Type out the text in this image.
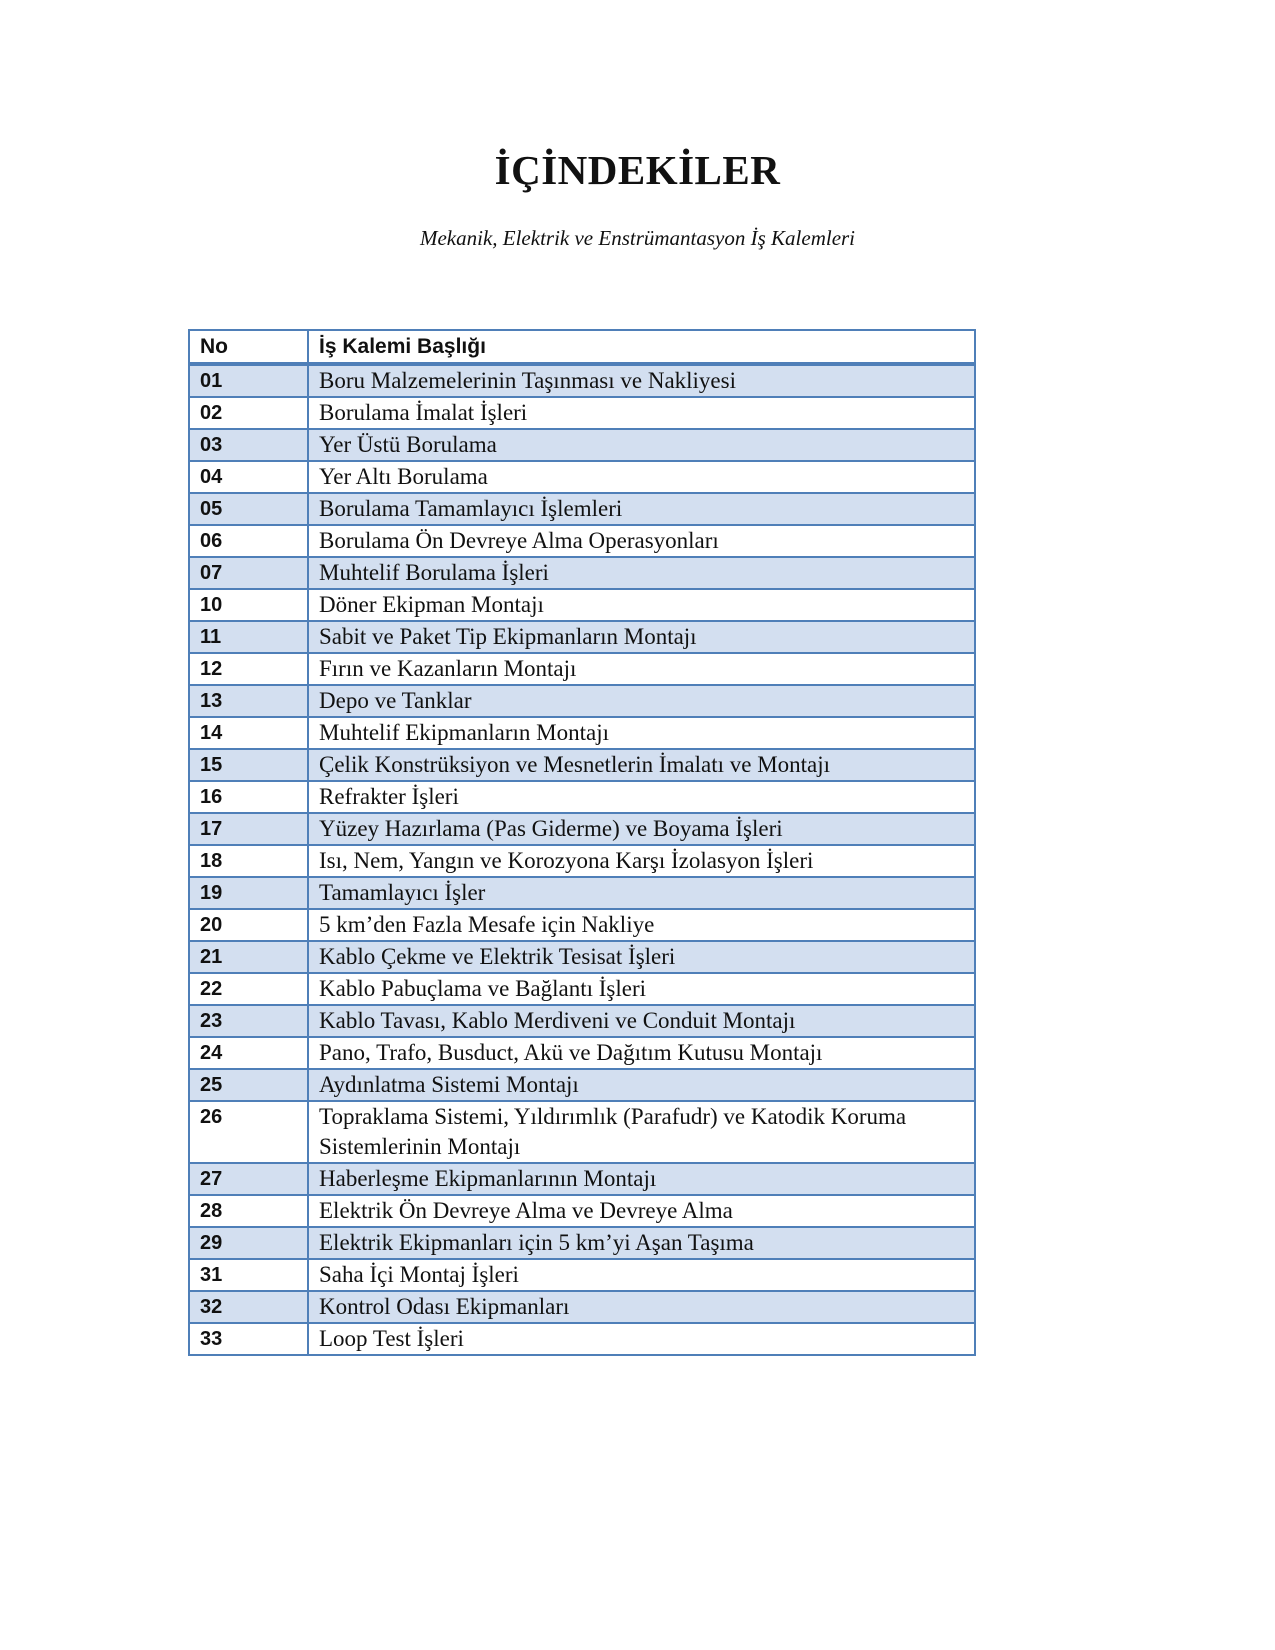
İÇİNDEKİLER

Mekanik, Elektrik ve Enstrümantasyon İş Kalemleri

No	İş Kalemi Başlığı
01	Boru Malzemelerinin Taşınması ve Nakliyesi
02	Borulama İmalat İşleri
03	Yer Üstü Borulama
04	Yer Altı Borulama
05	Borulama Tamamlayıcı İşlemleri
06	Borulama Ön Devreye Alma Operasyonları
07	Muhtelif Borulama İşleri
10	Döner Ekipman Montajı
11	Sabit ve Paket Tip Ekipmanların Montajı
12	Fırın ve Kazanların Montajı
13	Depo ve Tanklar
14	Muhtelif Ekipmanların Montajı
15	Çelik Konstrüksiyon ve Mesnetlerin İmalatı ve Montajı
16	Refrakter İşleri
17	Yüzey Hazırlama (Pas Giderme) ve Boyama İşleri
18	Isı, Nem, Yangın ve Korozyona Karşı İzolasyon İşleri
19	Tamamlayıcı İşler
20	5 km’den Fazla Mesafe için Nakliye
21	Kablo Çekme ve Elektrik Tesisat İşleri
22	Kablo Pabuçlama ve Bağlantı İşleri
23	Kablo Tavası, Kablo Merdiveni ve Conduit Montajı
24	Pano, Trafo, Busduct, Akü ve Dağıtım Kutusu Montajı
25	Aydınlatma Sistemi Montajı
26	Topraklama Sistemi, Yıldırımlık (Parafudr) ve Katodik Koruma Sistemlerinin Montajı
27	Haberleşme Ekipmanlarının Montajı
28	Elektrik Ön Devreye Alma ve Devreye Alma
29	Elektrik Ekipmanları için 5 km’yi Aşan Taşıma
31	Saha İçi Montaj İşleri
32	Kontrol Odası Ekipmanları
33	Loop Test İşleri
